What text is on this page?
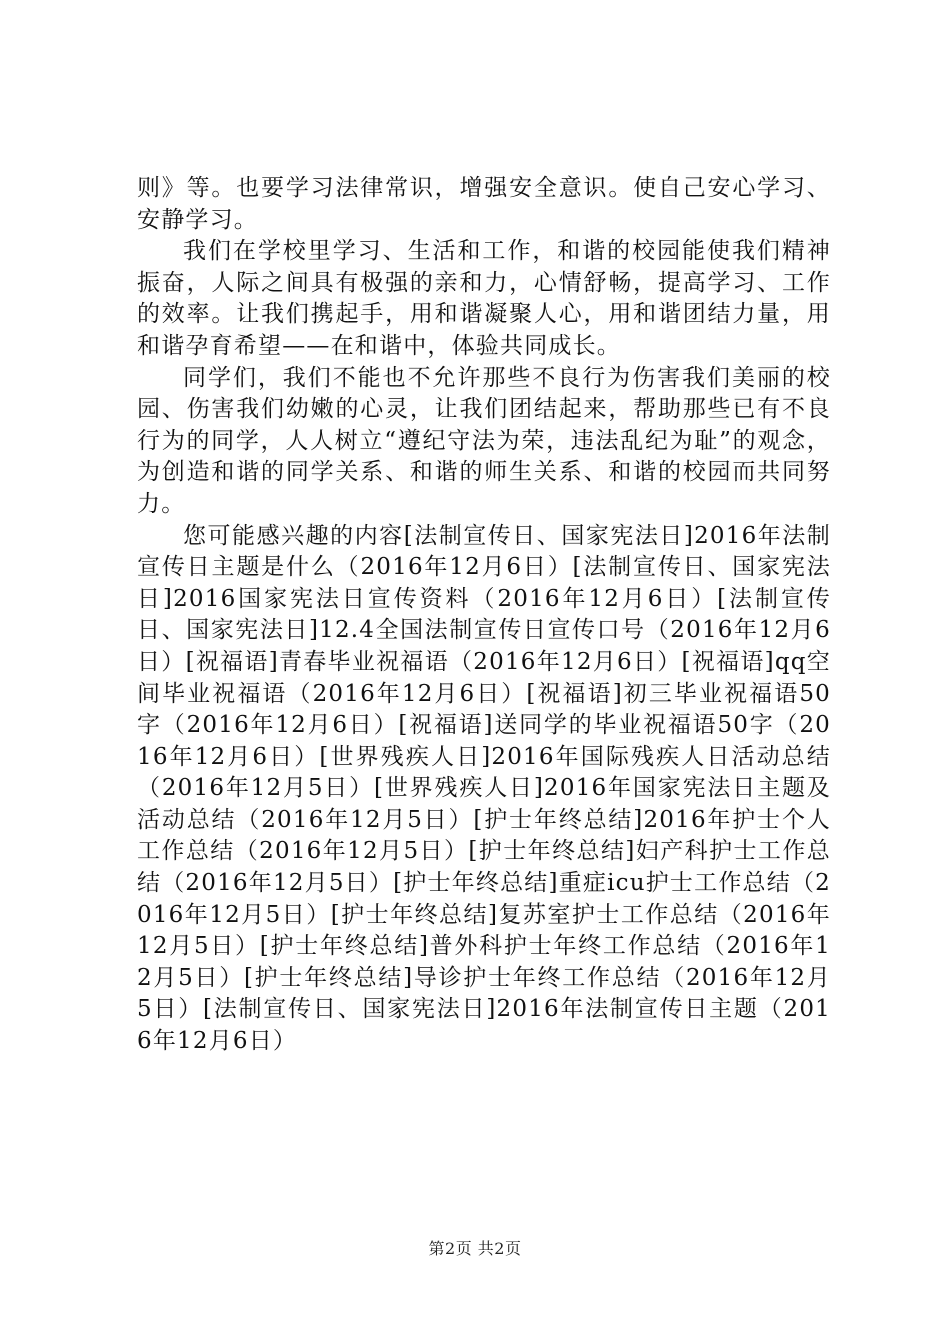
则》等。也要学习法律常识，增强安全意识。使自己安心学习、安静学习。

我们在学校里学习、生活和工作，和谐的校园能使我们精神振奋，人际之间具有极强的亲和力，心情舒畅，提高学习、工作的效率。让我们携起手，用和谐凝聚人心，用和谐团结力量，用和谐孕育希望——在和谐中，体验共同成长。

同学们，我们不能也不允许那些不良行为伤害我们美丽的校园、伤害我们幼嫩的心灵，让我们团结起来，帮助那些已有不良行为的同学，人人树立“遵纪守法为荣，违法乱纪为耻”的观念，为创造和谐的同学关系、和谐的师生关系、和谐的校园而共同努力。

您可能感兴趣的内容[法制宣传日、国家宪法日]2016年法制宣传日主题是什么（2016年12月6日）[法制宣传日、国家宪法日]2016国家宪法日宣传资料（2016年12月6日）[法制宣传日、国家宪法日]12.4全国法制宣传日宣传口号（2016年12月6日）[祝福语]青春毕业祝福语（2016年12月6日）[祝福语]qq空间毕业祝福语（2016年12月6日）[祝福语]初三毕业祝福语50字（2016年12月6日）[祝福语]送同学的毕业祝福语50字（2016年12月6日）[世界残疾人日]2016年国际残疾人日活动总结（2016年12月5日）[世界残疾人日]2016年国家宪法日主题及活动总结（2016年12月5日）[护士年终总结]2016年护士个人工作总结（2016年12月5日）[护士年终总结]妇产科护士工作总结（2016年12月5日）[护士年终总结]重症icu护士工作总结（2016年12月5日）[护士年终总结]复苏室护士工作总结（2016年12月5日）[护士年终总结]普外科护士年终工作总结（2016年12月5日）[护士年终总结]导诊护士年终工作总结（2016年12月5日）[法制宣传日、国家宪法日]2016年法制宣传日主题（2016年12月6日）

第2页 共2页
